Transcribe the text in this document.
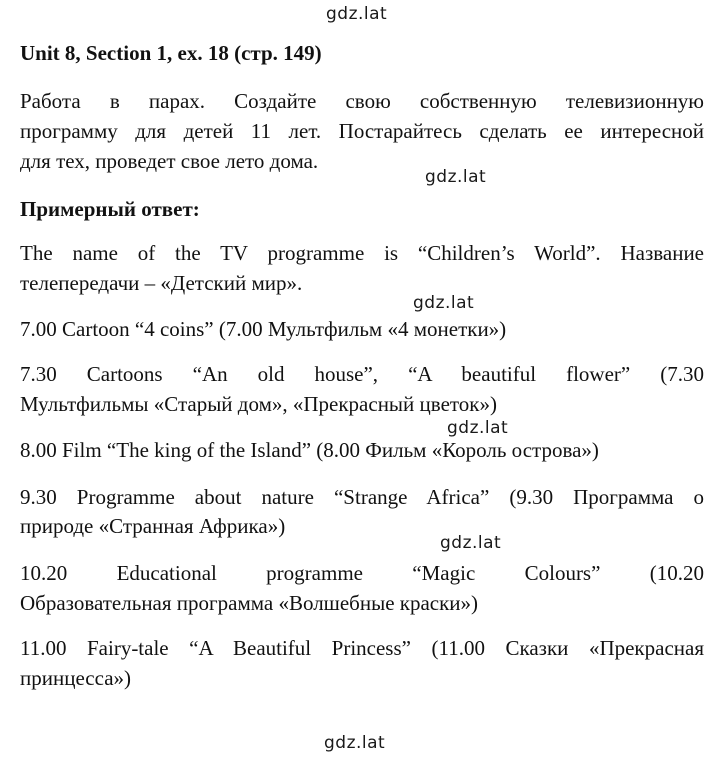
gdz.lat
gdz.lat
gdz.lat
gdz.lat
gdz.lat
gdz.lat
Unit 8, Section 1, ex. 18 (стр. 149)
Работа в парах. Создайте свою собственную телевизионную
программу для детей 11 лет. Постарайтесь сделать ее интересной
для тех, проведет свое лето дома.
Примерный ответ:
The name of the TV programme is “Children’s World”. Название
телепередачи – «Детский мир».
7.00 Cartoon “4 coins” (7.00 Мультфильм «4 монетки»)
7.30 Cartoons “An old house”, “A beautiful flower” (7.30
Мультфильмы «Старый дом», «Прекрасный цветок»)
8.00 Film “The king of the Island” (8.00 Фильм «Король острова»)
9.30 Programme about nature “Strange Africa” (9.30 Программа о
природе «Странная Африка»)
10.20 Educational programme “Magic Colours” (10.20
Образовательная программа «Волшебные краски»)
11.00 Fairy-tale “A Beautiful Princess” (11.00 Сказки «Прекрасная
принцесса»)
